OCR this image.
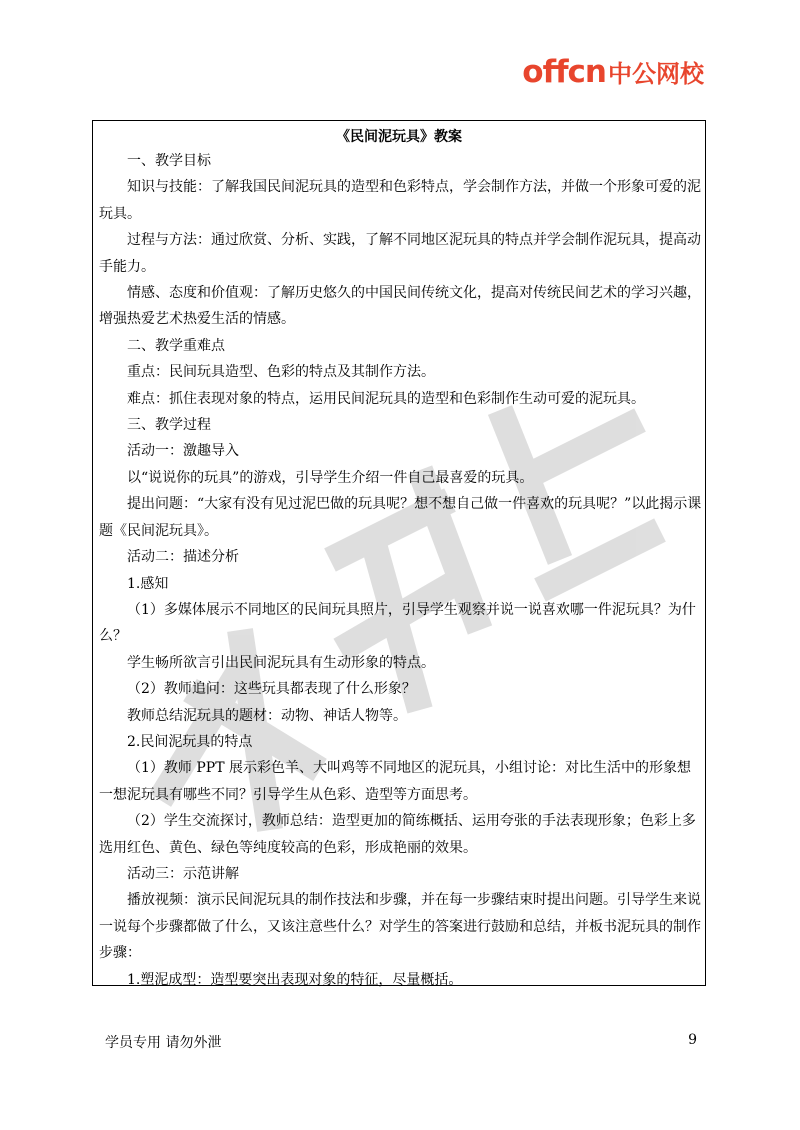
offcn 中公网校
《民间泥玩具》教案

一、教学目标

知识与技能：了解我国民间泥玩具的造型和色彩特点，学会制作方法，并做一个形象可爱的泥玩具。

过程与方法：通过欣赏、分析、实践，了解不同地区泥玩具的特点并学会制作泥玩具，提高动手能力。

情感、态度和价值观：了解历史悠久的中国民间传统文化，提高对传统民间艺术的学习兴趣，增强热爱艺术热爱生活的情感。

二、教学重难点

重点：民间玩具造型、色彩的特点及其制作方法。

难点：抓住表现对象的特点，运用民间泥玩具的造型和色彩制作生动可爱的泥玩具。

三、教学过程

活动一：激趣导入

以“说说你的玩具”的游戏，引导学生介绍一件自己最喜爱的玩具。

提出问题：“大家有没有见过泥巴做的玩具呢？想不想自己做一件喜欢的玩具呢？”以此揭示课题《民间泥玩具》。

活动二：描述分析

1.感知

（1）多媒体展示不同地区的民间玩具照片，引导学生观察并说一说喜欢哪一件泥玩具？为什么？

学生畅所欲言引出民间泥玩具有生动形象的特点。

（2）教师追问：这些玩具都表现了什么形象？

教师总结泥玩具的题材：动物、神话人物等。

2.民间泥玩具的特点

（1）教师 PPT 展示彩色羊、大叫鸡等不同地区的泥玩具，小组讨论：对比生活中的形象想一想泥玩具有哪些不同？引导学生从色彩、造型等方面思考。

（2）学生交流探讨，教师总结：造型更加的简练概括、运用夸张的手法表现形象；色彩上多选用红色、黄色、绿色等纯度较高的色彩，形成艳丽的效果。

活动三：示范讲解

播放视频：演示民间泥玩具的制作技法和步骤，并在每一步骤结束时提出问题。引导学生来说一说每个步骤都做了什么，又该注意些什么？对学生的答案进行鼓励和总结，并板书泥玩具的制作步骤：

1.塑泥成型：造型要突出表现对象的特征，尽量概括。

学员专用 请勿外泄	9
